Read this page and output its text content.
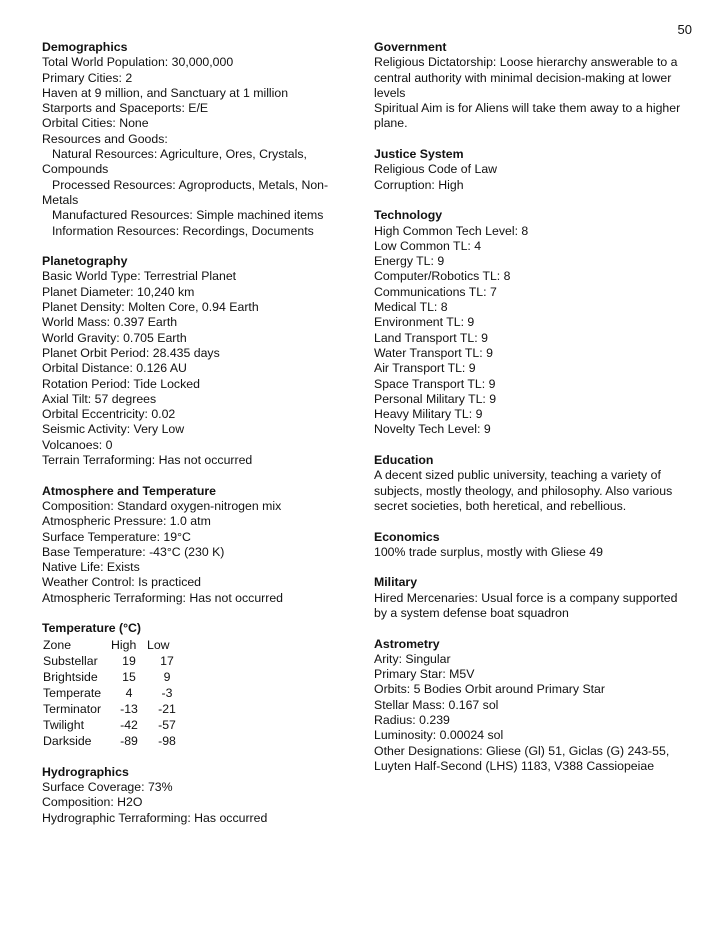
50
Demographics
Total World Population: 30,000,000
Primary Cities: 2
Haven at 9 million, and Sanctuary at 1 million
Starports and Spaceports: E/E
Orbital Cities: None
Resources and Goods:
Natural Resources: Agriculture, Ores, Crystals,
Compounds
Processed Resources: Agroproducts, Metals, Non-
Metals
Manufactured Resources: Simple machined items
Information Resources: Recordings, Documents
Planetography
Basic World Type: Terrestrial Planet
Planet Diameter: 10,240 km
Planet Density: Molten Core, 0.94 Earth
World Mass: 0.397 Earth
World Gravity: 0.705 Earth
Planet Orbit Period: 28.435 days
Orbital Distance: 0.126 AU
Rotation Period: Tide Locked
Axial Tilt: 57 degrees
Orbital Eccentricity: 0.02
Seismic Activity: Very Low
Volcanoes: 0
Terrain Terraforming: Has not occurred
Atmosphere and Temperature
Composition: Standard oxygen-nitrogen mix
Atmospheric Pressure: 1.0 atm
Surface Temperature: 19°C
Base Temperature: -43°C (230 K)
Native Life: Exists
Weather Control: Is practiced
Atmospheric Terraforming: Has not occurred
Temperature (°C)
Zone	High	Low
Substellar	19	17
Brightside	15	9
Temperate	4	-3
Terminator	-13	-21
Twilight	-42	-57
Darkside	-89	-98
Hydrographics
Surface Coverage: 73%
Composition: H2O
Hydrographic Terraforming: Has occurred
Government
Religious Dictatorship: Loose hierarchy answerable to a central authority with minimal decision-making at lower levels
Spiritual Aim is for Aliens will take them away to a higher plane.
Justice System
Religious Code of Law
Corruption: High
Technology
High Common Tech Level: 8
Low Common TL: 4
Energy TL: 9
Computer/Robotics TL: 8
Communications TL: 7
Medical TL: 8
Environment TL: 9
Land Transport TL: 9
Water Transport TL: 9
Air Transport TL: 9
Space Transport TL: 9
Personal Military TL: 9
Heavy Military TL: 9
Novelty Tech Level: 9
Education
A decent sized public university, teaching a variety of subjects, mostly theology, and philosophy. Also various secret societies, both heretical, and rebellious.
Economics
100% trade surplus, mostly with Gliese 49
Military
Hired Mercenaries: Usual force is a company supported by a system defense boat squadron
Astrometry
Arity: Singular
Primary Star: M5V
Orbits: 5 Bodies Orbit around Primary Star
Stellar Mass: 0.167 sol
Radius: 0.239
Luminosity: 0.00024 sol
Other Designations: Gliese (Gl) 51, Giclas (G) 243-55, Luyten Half-Second (LHS) 1183, V388 Cassiopeiae
